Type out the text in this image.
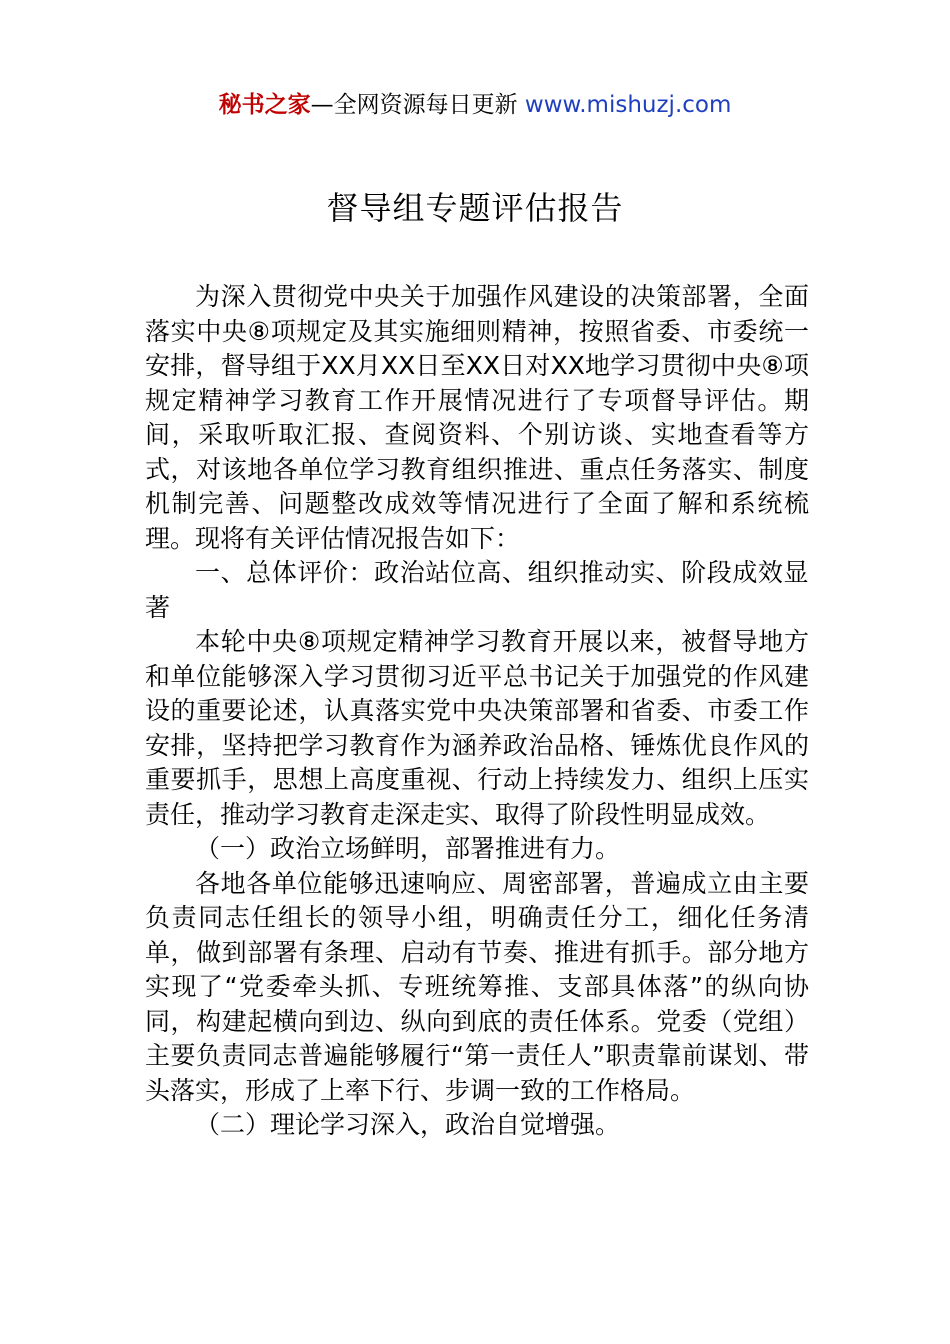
秘书之家—全网资源每日更新 www.mishuzj.com
督导组专题评估报告

为深入贯彻党中央关于加强作风建设的决策部署，全面落实中央⑧项规定及其实施细则精神，按照省委、市委统一安排，督导组于XX月XX日至XX日对XX地学习贯彻中央⑧项规定精神学习教育工作开展情况进行了专项督导评估。期间，采取听取汇报、查阅资料、个别访谈、实地查看等方式，对该地各单位学习教育组织推进、重点任务落实、制度机制完善、问题整改成效等情况进行了全面了解和系统梳理。现将有关评估情况报告如下：

一、总体评价：政治站位高、组织推动实、阶段成效显著

本轮中央⑧项规定精神学习教育开展以来，被督导地方和单位能够深入学习贯彻习近平总书记关于加强党的作风建设的重要论述，认真落实党中央决策部署和省委、市委工作安排，坚持把学习教育作为涵养政治品格、锤炼优良作风的重要抓手，思想上高度重视、行动上持续发力、组织上压实责任，推动学习教育走深走实、取得了阶段性明显成效。

（一）政治立场鲜明，部署推进有力。

各地各单位能够迅速响应、周密部署，普遍成立由主要负责同志任组长的领导小组，明确责任分工，细化任务清单，做到部署有条理、启动有节奏、推进有抓手。部分地方实现了“党委牵头抓、专班统筹推、支部具体落”的纵向协同，构建起横向到边、纵向到底的责任体系。党委（党组）主要负责同志普遍能够履行“第一责任人”职责靠前谋划、带头落实，形成了上率下行、步调一致的工作格局。

（二）理论学习深入，政治自觉增强。
